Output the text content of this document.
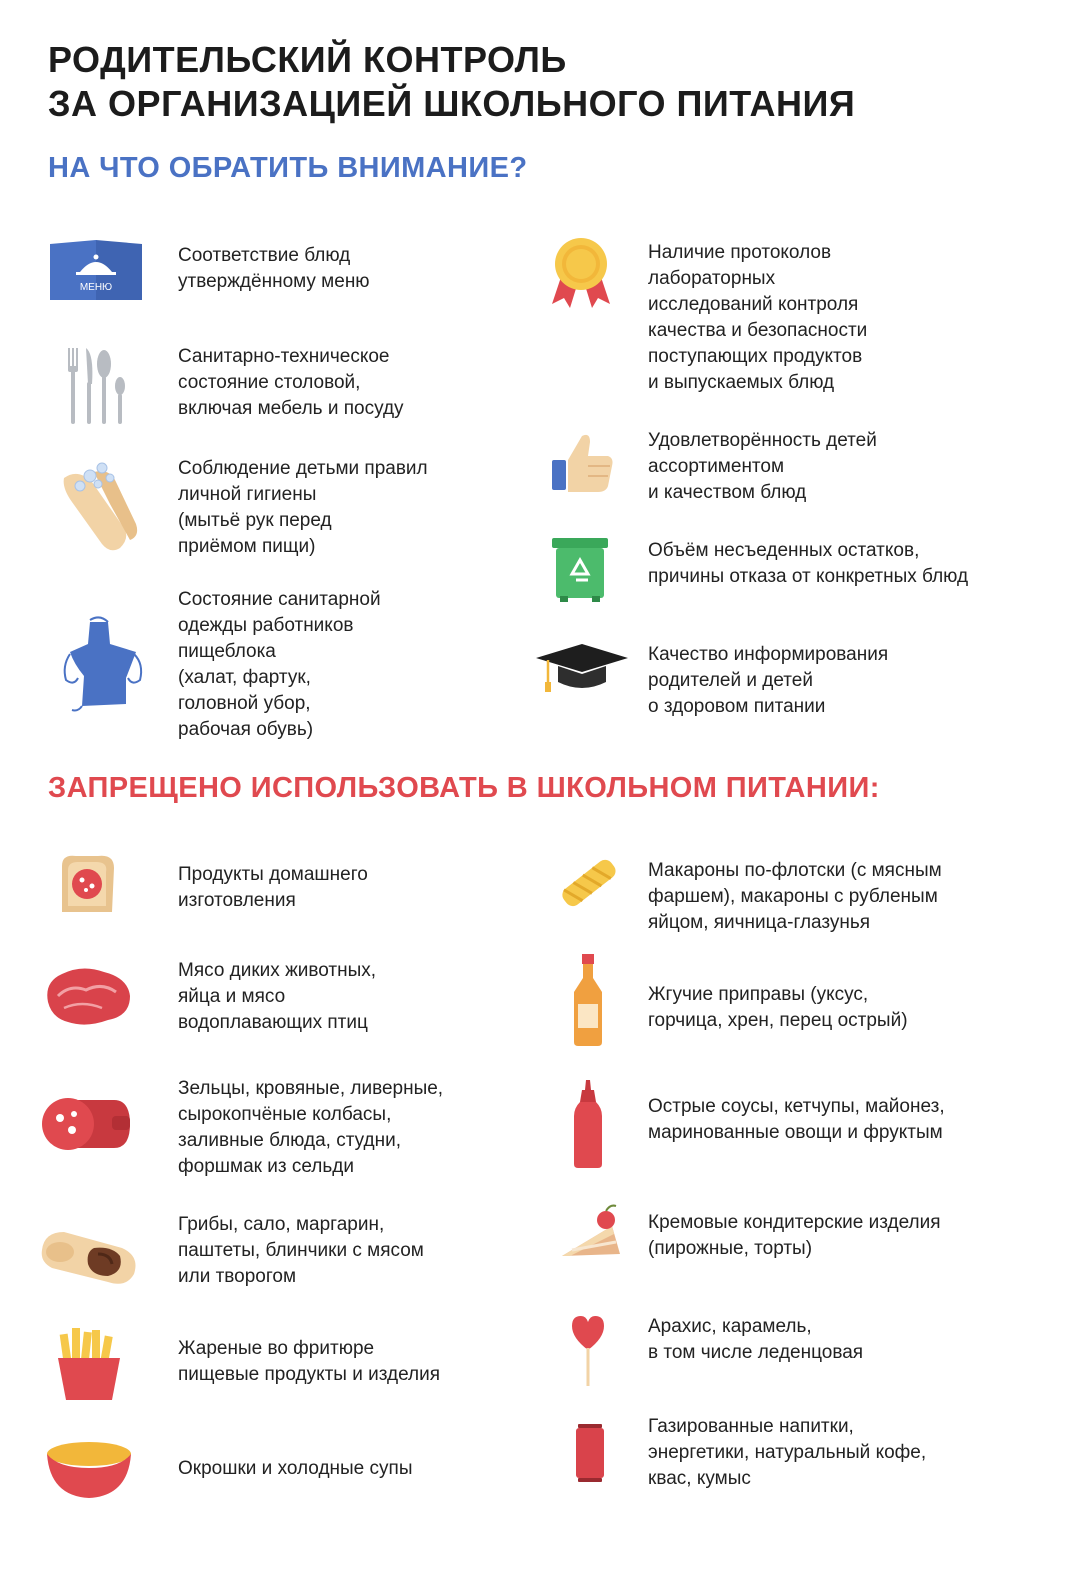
РОДИТЕЛЬСКИЙ КОНТРОЛЬ
ЗА ОРГАНИЗАЦИЕЙ ШКОЛЬНОГО ПИТАНИЯ
НА ЧТО ОБРАТИТЬ ВНИМАНИЕ?
МЕНЮ
Соответствие блюд
утверждённому меню
Санитарно-техническое
состояние столовой,
включая мебель и посуду
Соблюдение детьми правил
личной гигиены
(мытьё рук перед
приёмом пищи)
Состояние санитарной
одежды работников
пищеблока
(халат, фартук,
головной убор,
рабочая обувь)
Наличие протоколов
лабораторных
исследований контроля
качества и безопасности
поступающих продуктов
и выпускаемых блюд
Удовлетворённость детей
ассортиментом
и качеством блюд
Объём несъеденных остатков,
причины отказа от конкретных блюд
Качество информирования
родителей и детей
о здоровом питании
ЗАПРЕЩЕНО ИСПОЛЬЗОВАТЬ В ШКОЛЬНОМ ПИТАНИИ:
Продукты домашнего
изготовления
Мясо диких животных,
яйца и мясо
водоплавающих птиц
Зельцы, кровяные, ливерные,
сырокопчёные колбасы,
заливные блюда, студни,
форшмак из сельди
Грибы, сало, маргарин,
паштеты, блинчики с мясом
или творогом
Жареные во фритюре
пищевые продукты и изделия
Окрошки и холодные супы
Макароны по-флотски (с мясным
фаршем), макароны с рубленым
яйцом, яичница-глазунья
Жгучие приправы (уксус,
горчица, хрен, перец острый)
Острые соусы, кетчупы, майонез,
маринованные овощи и фруктым
Кремовые кондитерские изделия
(пирожные, торты)
Арахис, карамель,
в том числе леденцовая
Газированные напитки,
энергетики, натуральный кофе,
квас, кумыс
